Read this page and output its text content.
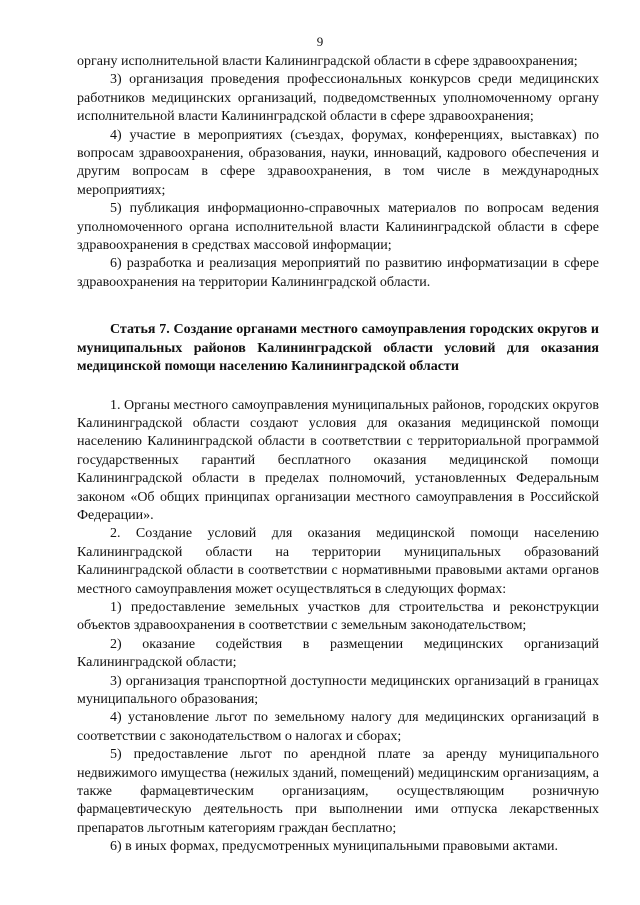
9

органу исполнительной власти Калининградской области в сфере здравоохранения;

3) организация проведения профессиональных конкурсов среди медицинских работников медицинских организаций, подведомственных уполномоченному органу исполнительной власти Калининградской области в сфере здравоохранения;

4) участие в мероприятиях (съездах, форумах, конференциях, выставках) по вопросам здравоохранения, образования, науки, инноваций, кадрового обеспечения и другим вопросам в сфере здравоохранения, в том числе в международных мероприятиях;

5) публикация информационно-справочных материалов по вопросам ведения уполномоченного органа исполнительной власти Калининградской области в сфере здравоохранения в средствах массовой информации;

6) разработка и реализация мероприятий по развитию информатизации в сфере здравоохранения на территории Калининградской области.

Статья 7. Создание органами местного самоуправления городских округов и муниципальных районов Калининградской области условий для оказания медицинской помощи населению Калининградской области

1. Органы местного самоуправления муниципальных районов, городских округов Калининградской области создают условия для оказания медицинской помощи населению Калининградской области в соответствии с территориальной программой государственных гарантий бесплатного оказания медицинской помощи Калининградской области в пределах полномочий, установленных Федеральным законом «Об общих принципах организации местного самоуправления в Российской Федерации».

2. Создание условий для оказания медицинской помощи населению Калининградской области на территории муниципальных образований Калининградской области в соответствии с нормативными правовыми актами органов местного самоуправления может осуществляться в следующих формах:

1) предоставление земельных участков для строительства и реконструкции объектов здравоохранения в соответствии с земельным законодательством;

2) оказание содействия в размещении медицинских организаций Калининградской области;

3) организация транспортной доступности медицинских организаций в границах муниципального образования;

4) установление льгот по земельному налогу для медицинских организаций в соответствии с законодательством о налогах и сборах;

5) предоставление льгот по арендной плате за аренду муниципального недвижимого имущества (нежилых зданий, помещений) медицинским организациям, а также фармацевтическим организациям, осуществляющим розничную фармацевтическую деятельность при выполнении ими отпуска лекарственных препаратов льготным категориям граждан бесплатно;

6) в иных формах, предусмотренных муниципальными правовыми актами.
